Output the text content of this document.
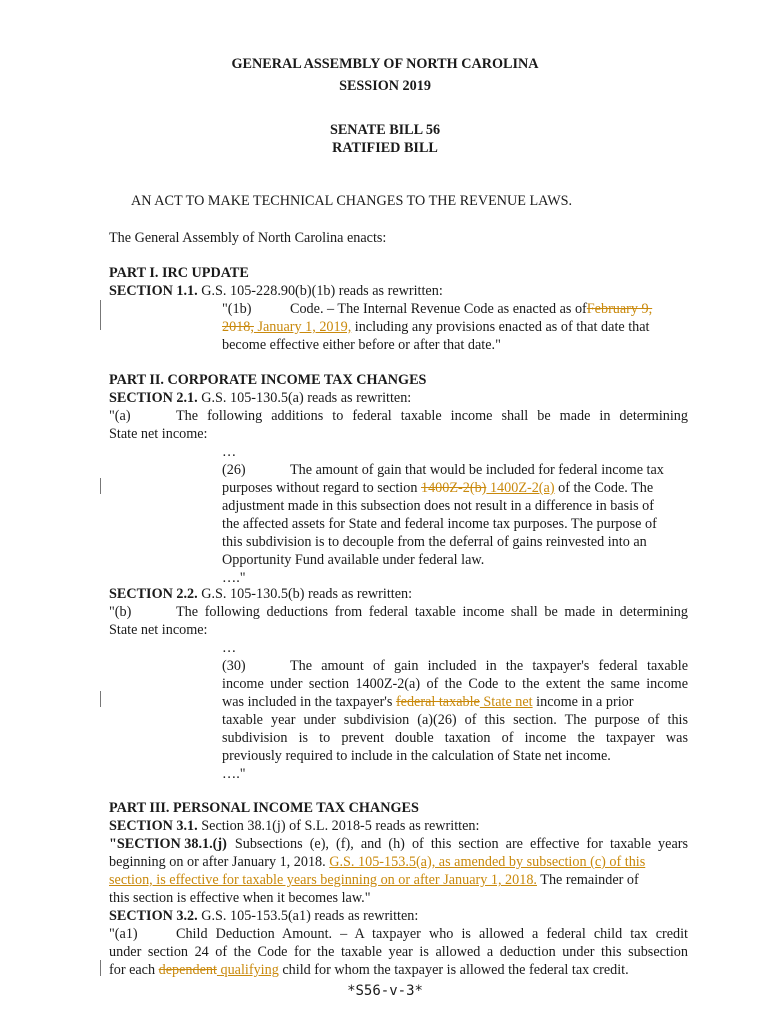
GENERAL ASSEMBLY OF NORTH CAROLINA
SESSION 2019
SENATE BILL 56
RATIFIED BILL
AN ACT TO MAKE TECHNICAL CHANGES TO THE REVENUE LAWS.
The General Assembly of North Carolina enacts:
PART I. IRC UPDATE
SECTION 1.1. G.S. 105-228.90(b)(1b) reads as rewritten:
"(1b)	Code. – The Internal Revenue Code as enacted as of February 9,
2018, January 1, 2019, including any provisions enacted as of that date that
become effective either before or after that date."
PART II. CORPORATE INCOME TAX CHANGES
SECTION 2.1. G.S. 105-130.5(a) reads as rewritten:
"(a)	The following additions to federal taxable income shall be made in determining
State net income:
…
(26)	The amount of gain that would be included for federal income tax
purposes without regard to section 1400Z-2(b) 1400Z-2(a) of the Code. The
adjustment made in this subsection does not result in a difference in basis of
the affected assets for State and federal income tax purposes. The purpose of
this subdivision is to decouple from the deferral of gains reinvested into an
Opportunity Fund available under federal law.
…."
SECTION 2.2. G.S. 105-130.5(b) reads as rewritten:
"(b)	The following deductions from federal taxable income shall be made in determining
State net income:
…
(30)	The amount of gain included in the taxpayer's federal taxable
income under section 1400Z-2(a) of the Code to the extent the same income
was included in the taxpayer's federal taxable State net income in a prior
taxable year under subdivision (a)(26) of this section. The purpose of this
subdivision is to prevent double taxation of income the taxpayer was
previously required to include in the calculation of State net income.
…."
PART III. PERSONAL INCOME TAX CHANGES
SECTION 3.1. Section 38.1(j) of S.L. 2018-5 reads as rewritten:
"SECTION 38.1.(j) Subsections (e), (f), and (h) of this section are effective for taxable years
beginning on or after January 1, 2018. G.S. 105-153.5(a), as amended by subsection (c) of this
section, is effective for taxable years beginning on or after January 1, 2018. The remainder of
this section is effective when it becomes law."
SECTION 3.2. G.S. 105-153.5(a1) reads as rewritten:
"(a1)	Child Deduction Amount. – A taxpayer who is allowed a federal child tax credit
under section 24 of the Code for the taxable year is allowed a deduction under this subsection
for each dependent qualifying child for whom the taxpayer is allowed the federal tax credit.
*S56-v-3*
